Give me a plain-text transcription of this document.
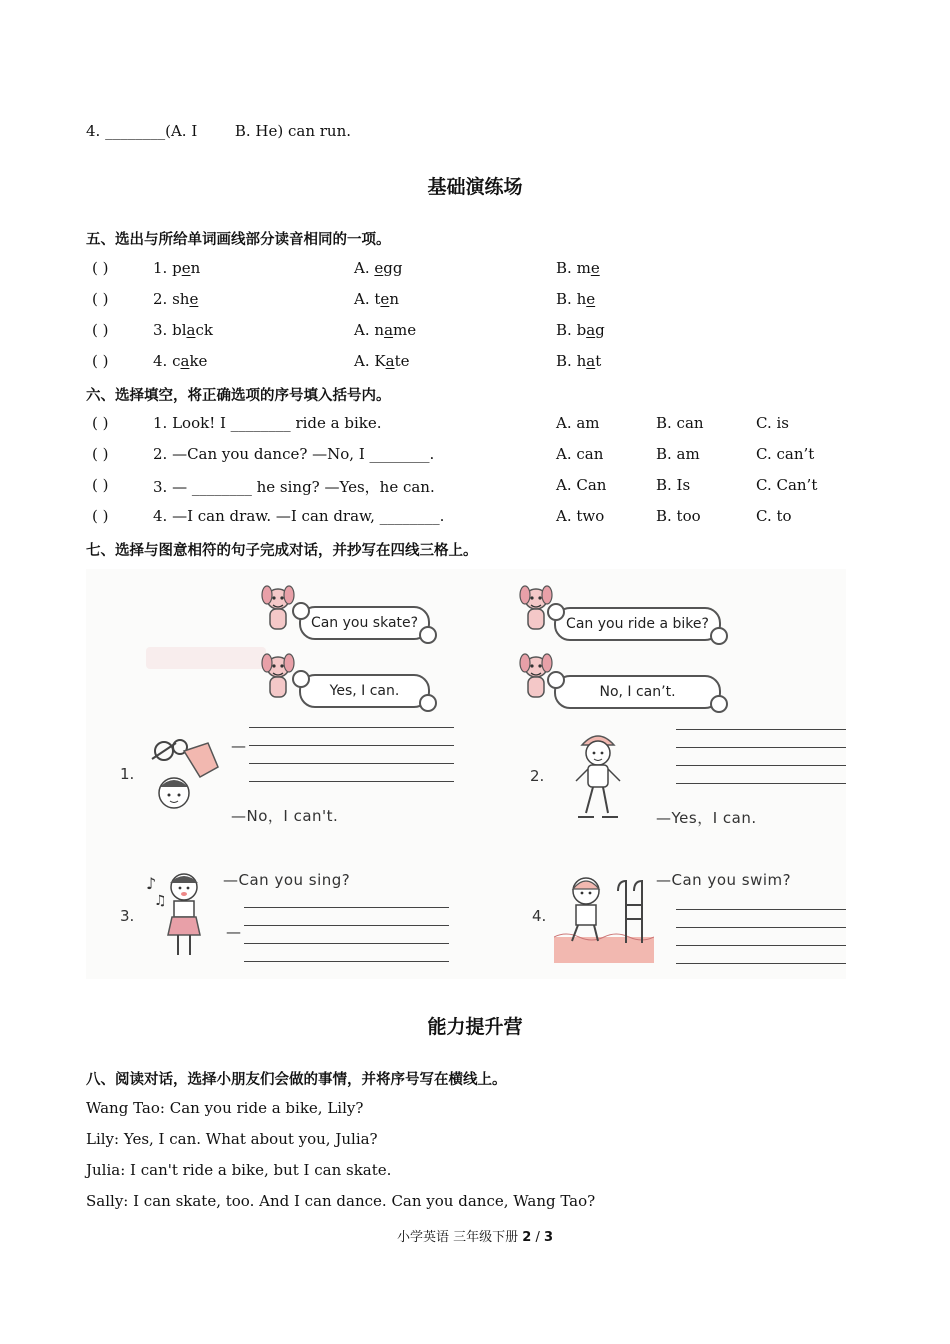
4. ________(A. I	B. He) can run.
基础演练场
五、选出与所给单词画线部分读音相同的一项。
( )	1. pen	A. egg	B. me
( )	2. she	A. ten	B. he
( )	3. black	A. name	B. bag
( )	4. cake	A. Kate	B. hat
六、选择填空，将正确选项的序号填入括号内。
( )	1. Look! I ________ ride a bike.	A. am	B. can	C. is
( )	2. —Can you dance? —No, I ________.	A. can	B. am	C. can’t
( )	3. — ________ he sing? —Yes，he can.	A. Can	B. Is	C. Can’t
( )	4. —I can draw. —I can draw, ________.	A. two	B. too	C. to
七、选择与图意相符的句子完成对话，并抄写在四线三格上。
Can you skate?
Yes, I can.
Can you ride a bike?
No, I can’t.
1.
—
—No，I can't.
2.
—Yes，I can.
3.
♪
♫
—Can you sing?
—
4.
—Can you swim?
能力提升营
八、阅读对话，选择小朋友们会做的事情，并将序号写在横线上。
Wang Tao: Can you ride a bike, Lily?
Lily: Yes, I can. What about you, Julia?
Julia: I can't ride a bike, but I can skate.
Sally: I can skate, too. And I can dance. Can you dance, Wang Tao?
小学英语 三年级下册 2 / 3
